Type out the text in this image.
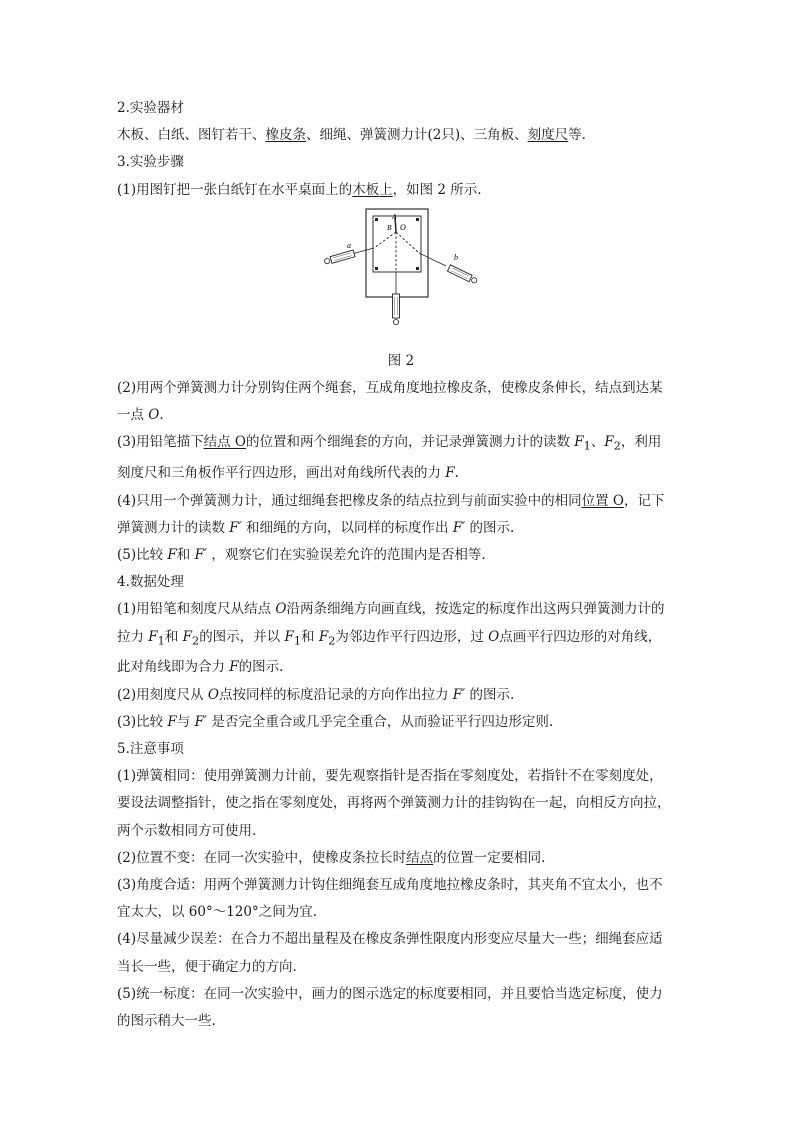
2.实验器材
木板、白纸、图钉若干、橡皮条、细绳、弹簧测力计(2只)、三角板、刻度尺等.
3.实验步骤
(1)用图钉把一张白纸钉在水平桌面上的木板上，如图 2 所示.
a
b
A
B O
图 2
(2)用两个弹簧测力计分别钩住两个绳套，互成角度地拉橡皮条，使橡皮条伸长，结点到达某
一点 O.
(3)用铅笔描下结点 O的位置和两个细绳套的方向，并记录弹簧测力计的读数 $F_1$、$F_2$，利用
刻度尺和三角板作平行四边形，画出对角线所代表的力 F.
(4)只用一个弹簧测力计，通过细绳套把橡皮条的结点拉到与前面实验中的相同位置 O，记下
弹簧测力计的读数 F′ 和细绳的方向，以同样的标度作出 F′ 的图示.
(5)比较 F和 F′ ，观察它们在实验误差允许的范围内是否相等.
4.数据处理
(1)用铅笔和刻度尺从结点 O沿两条细绳方向画直线，按选定的标度作出这两只弹簧测力计的
拉力 $F_1$和 $F_2$的图示，并以 $F_1$和 $F_2$为邻边作平行四边形，过 O点画平行四边形的对角线，
此对角线即为合力 F的图示.
(2)用刻度尺从 O点按同样的标度沿记录的方向作出拉力 F′ 的图示.
(3)比较 F与 F′ 是否完全重合或几乎完全重合，从而验证平行四边形定则.
5.注意事项
(1)弹簧相同：使用弹簧测力计前，要先观察指针是否指在零刻度处，若指针不在零刻度处，
要设法调整指针，使之指在零刻度处，再将两个弹簧测力计的挂钩钩在一起，向相反方向拉，
两个示数相同方可使用.
(2)位置不变：在同一次实验中，使橡皮条拉长时结点的位置一定要相同.
(3)角度合适：用两个弹簧测力计钩住细绳套互成角度地拉橡皮条时，其夹角不宜太小，也不
宜太大，以 60°～120°之间为宜.
(4)尽量减少误差：在合力不超出量程及在橡皮条弹性限度内形变应尽量大一些；细绳套应适
当长一些，便于确定力的方向.
(5)统一标度：在同一次实验中，画力的图示选定的标度要相同，并且要恰当选定标度，使力
的图示稍大一些.
